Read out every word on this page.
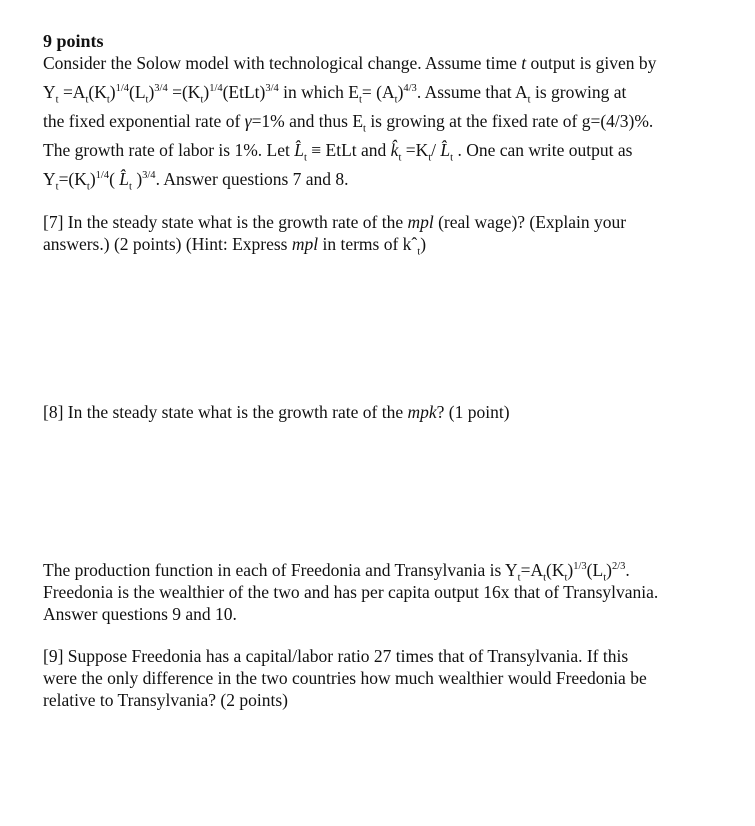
9 points
Consider the Solow model with technological change. Assume time t output is given by
$Y_t =A_t(K_t)^{1/4}(L_t)^{3/4}$ $=(K_t)^{1/4}(EtLt)^{3/4}$ in which $E_t= (A_t)^{4/3}$. Assume that $A_t$ is growing at
the fixed exponential rate of γ=1% and thus $E_t$ is growing at the fixed rate of g=(4/3)%.
The growth rate of labor is 1%. Let $L̂_t$ ≡ EtLt and $k̂_t =K_t/$ $L̂_t$ . One can write output as
$Y_t=(K_t)^{1/4}$( $L̂_t$ )$^{3/4}$. Answer questions 7 and 8.
[7] In the steady state what is the growth rate of the mpl (real wage)? (Explain your
answers.) (2 points) (Hint: Express mpl in terms of kˆ$_t$)
[8] In the steady state what is the growth rate of the mpk? (1 point)
The production function in each of Freedonia and Transylvania is $Y_t=A_t(K_t)^{1/3}(L_t)^{2/3}$.
Freedonia is the wealthier of the two and has per capita output 16x that of Transylvania.
Answer questions 9 and 10.
[9] Suppose Freedonia has a capital/labor ratio 27 times that of Transylvania. If this
were the only difference in the two countries how much wealthier would Freedonia be
relative to Transylvania? (2 points)
